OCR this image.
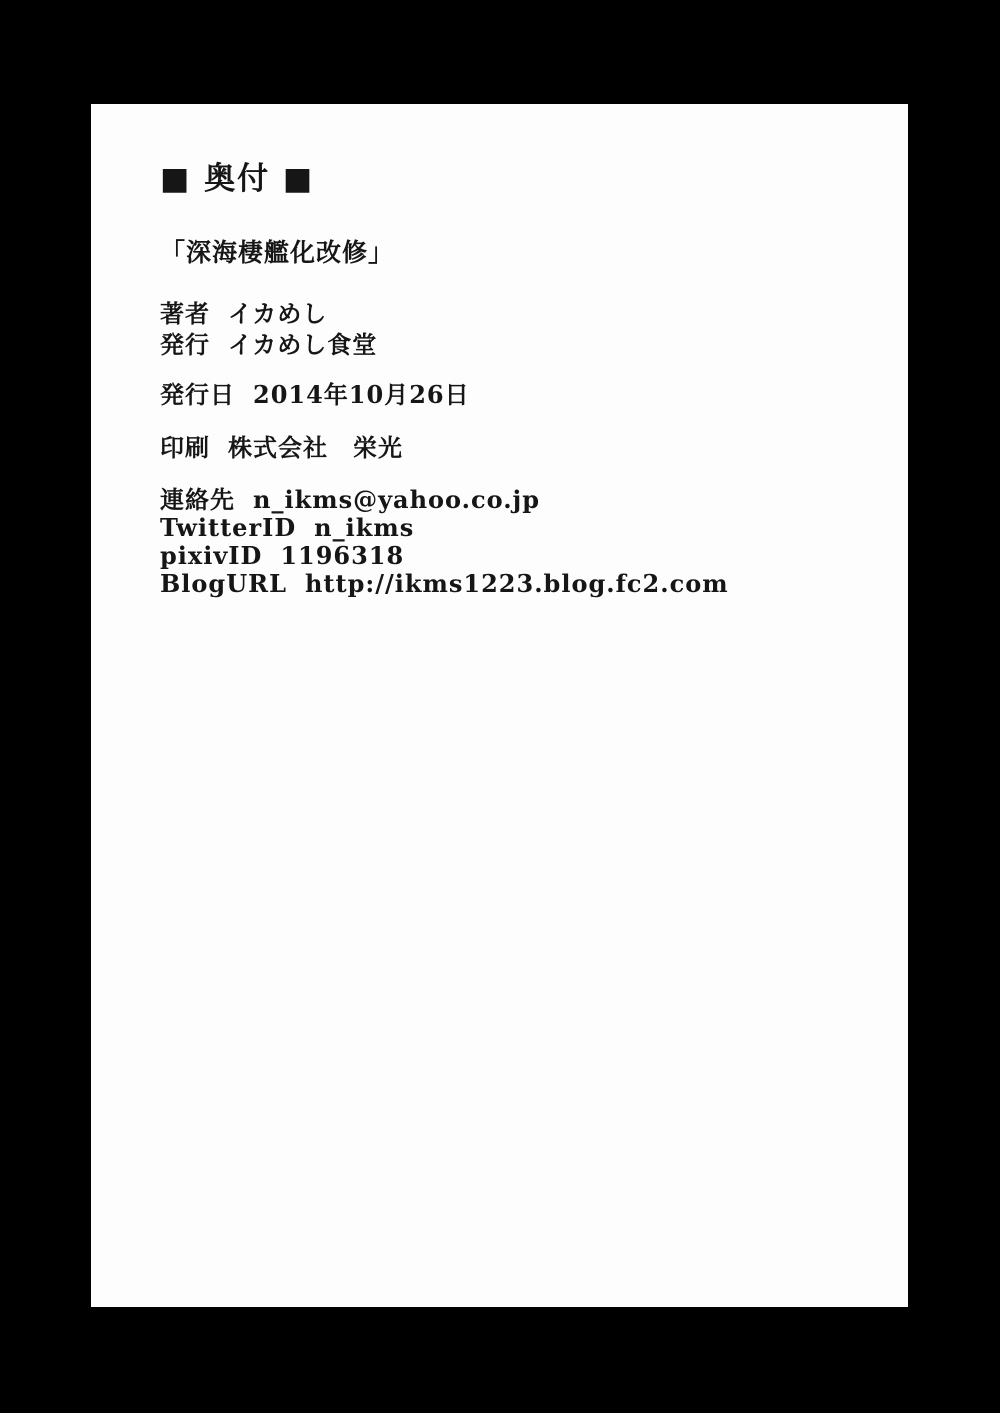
■ 奥付 ■
「深海棲艦化改修」
著者 イカめし
発行 イカめし食堂
発行日 2014年10月26日
印刷 株式会社　栄光
連絡先 n_ikms@yahoo.co.jp
TwitterID n_ikms
pixivID 1196318
BlogURL http://ikms1223.blog.fc2.com
